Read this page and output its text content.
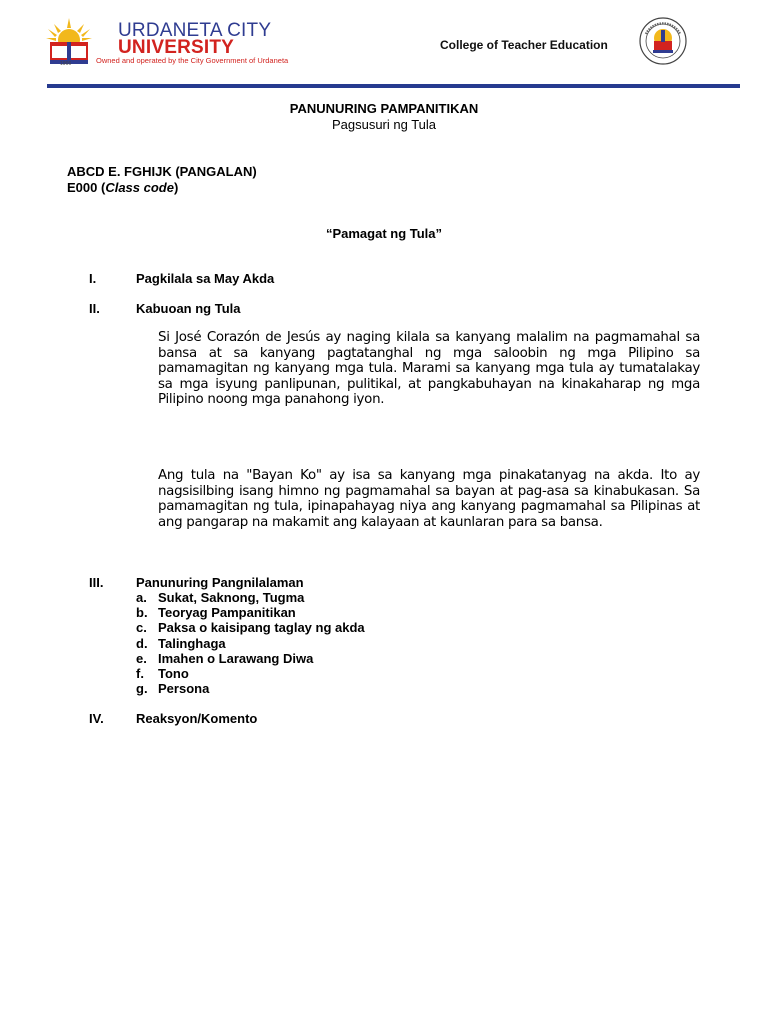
1966
URDANETA CITY
UNIVERSITY
Owned and operated by the City Government of Urdaneta
College of Teacher Education
PANUNURING PAMPANITIKAN
Pagsusuri ng Tula
ABCD E. FGHIJK (PANGALAN)
E000 (Class code)
“Pamagat ng Tula”
I.	Pagkilala sa May Akda
II.	Kabuoan ng Tula
Si José Corazón de Jesús ay naging kilala sa kanyang malalim na pagmamahal sa bansa at sa kanyang pagtatanghal ng mga saloobin ng mga Pilipino sa pamamagitan ng kanyang mga tula. Marami sa kanyang mga tula ay tumatalakay sa mga isyung panlipunan, pulitikal, at pangkabuhayan na kinakaharap ng mga Pilipino noong mga panahong iyon.
Ang tula na "Bayan Ko" ay isa sa kanyang mga pinakatanyag na akda. Ito ay nagsisilbing isang himno ng pagmamahal sa bayan at pag-asa sa kinabukasan. Sa pamamagitan ng tula, ipinapahayag niya ang kanyang pagmamahal sa Pilipinas at ang pangarap na makamit ang kalayaan at kaunlaran para sa bansa.
III.	Panunuring Pangnilalaman
a. Sukat, Saknong, Tugma
b. Teoryag Pampanitikan
c. Paksa o kaisipang taglay ng akda
d. Talinghaga
e. Imahen o Larawang Diwa
f. Tono
g. Persona
IV. Reaksyon/Komento
